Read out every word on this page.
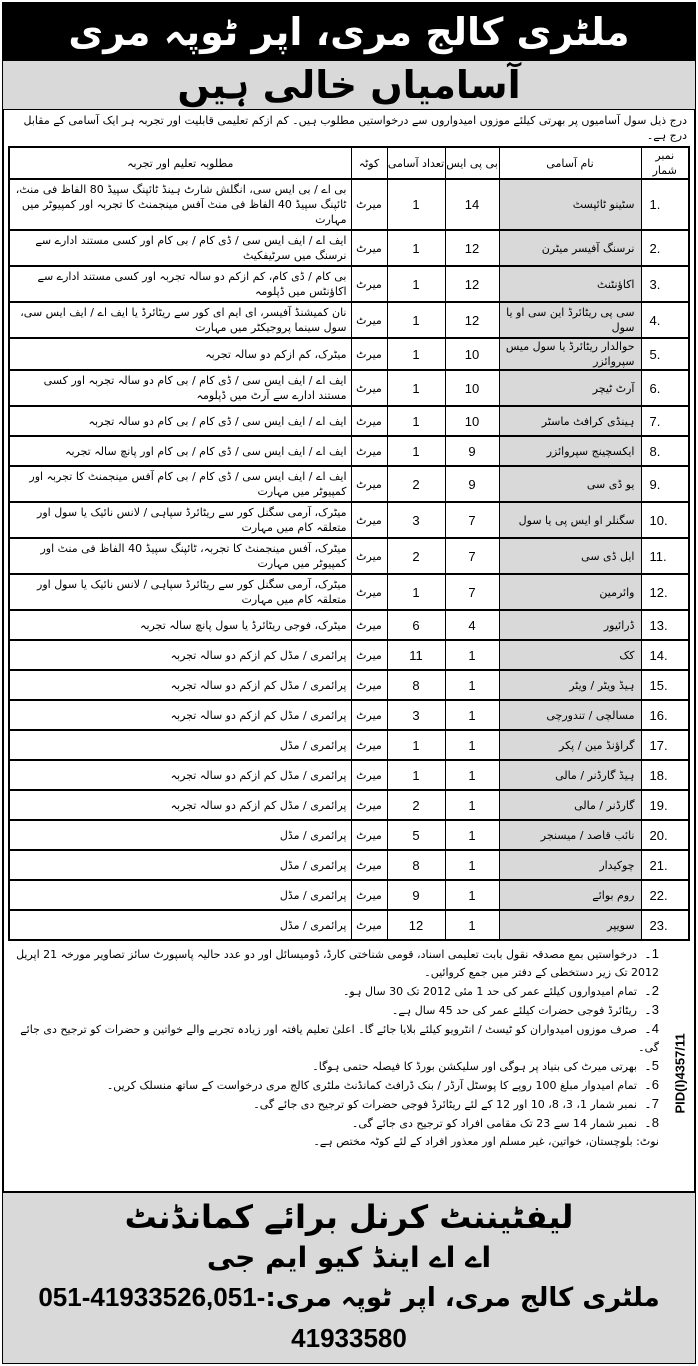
ملٹری کالج مری، اپر ٹوپہ مری
آسامیاں خالی ہیں
درج ذیل سول آسامیوں پر بھرتی کیلئے موزوں امیدواروں سے درخواستیں مطلوب ہیں۔ کم ازکم تعلیمی قابلیت اور تجربہ ہر ایک آسامی کے مقابل درج ہے۔
نمبر شمار	نام آسامی	بی پی ایس	تعداد آسامی	کوٹہ	مطلوبہ تعلیم اور تجربہ
1.	سٹینو ٹائپسٹ	14	1	میرٹ	بی اے / بی ایس سی، انگلش شارٹ ہینڈ ٹائپنگ سپیڈ 80 الفاظ فی منٹ، ٹائپنگ سپیڈ 40 الفاظ فی منٹ آفس مینجمنٹ کا تجربہ اور کمپیوٹر میں مہارت
2.	نرسنگ آفیسر میٹرن	12	1	میرٹ	ایف اے / ایف ایس سی / ڈی کام / بی کام اور کسی مستند ادارے سے نرسنگ میں سرٹیفکیٹ
3.	اکاؤنٹنٹ	12	1	میرٹ	بی کام / ڈی کام، کم ازکم دو سالہ تجربہ اور کسی مستند ادارے سے اکاؤنٹس میں ڈپلومہ
4.	سی پی ریٹائرڈ این سی او یا سول	12	1	میرٹ	نان کمیشنڈ آفیسر، ای ایم ای کور سے ریٹائرڈ یا ایف اے / ایف ایس سی، سول سینما پروجیکٹر میں مہارت
5.	حوالدار ریٹائرڈ یا سول میس سپروائزر	10	1	میرٹ	میٹرک، کم ازکم دو سالہ تجربہ
6.	آرٹ ٹیچر	10	1	میرٹ	ایف اے / ایف ایس سی / ڈی کام / بی کام دو سالہ تجربہ اور کسی مستند ادارے سے آرٹ میں ڈپلومہ
7.	ہینڈی کرافٹ ماسٹر	10	1	میرٹ	ایف اے / ایف ایس سی / ڈی کام / بی کام دو سالہ تجربہ
8.	ایکسچینج سپروائزر	9	1	میرٹ	ایف اے / ایف ایس سی / ڈی کام / بی کام اور پانچ سالہ تجربہ
9.	یو ڈی سی	9	2	میرٹ	ایف اے / ایف ایس سی / ڈی کام / بی کام آفس مینجمنٹ کا تجربہ اور کمپیوٹر میں مہارت
10.	سگنلر او ایس پی یا سول	7	3	میرٹ	میٹرک، آرمی سگنل کور سے ریٹائرڈ سپاہی / لانس نائیک یا سول اور متعلقہ کام میں مہارت
11.	ایل ڈی سی	7	2	میرٹ	میٹرک، آفس مینجمنٹ کا تجربہ، ٹائپنگ سپیڈ 40 الفاظ فی منٹ اور کمپیوٹر میں مہارت
12.	وائرمین	7	1	میرٹ	میٹرک، آرمی سگنل کور سے ریٹائرڈ سپاہی / لانس نائیک یا سول اور متعلقہ کام میں مہارت
13.	ڈرائیور	4	6	میرٹ	میٹرک، فوجی ریٹائرڈ یا سول پانچ سالہ تجربہ
14.	کک	1	11	میرٹ	پرائمری / مڈل کم ازکم دو سالہ تجربہ
15.	ہیڈ ویٹر / ویٹر	1	8	میرٹ	پرائمری / مڈل کم ازکم دو سالہ تجربہ
16.	مسالچی / تندورچی	1	3	میرٹ	پرائمری / مڈل کم ازکم دو سالہ تجربہ
17.	گراؤنڈ مین / پکر	1	1	میرٹ	پرائمری / مڈل
18.	ہیڈ گارڈنر / مالی	1	1	میرٹ	پرائمری / مڈل کم ازکم دو سالہ تجربہ
19.	گارڈنر / مالی	1	2	میرٹ	پرائمری / مڈل کم ازکم دو سالہ تجربہ
20.	نائب قاصد / میسنجر	1	5	میرٹ	پرائمری / مڈل
21.	چوکیدار	1	8	میرٹ	پرائمری / مڈل
22.	روم بوائے	1	9	میرٹ	پرائمری / مڈل
23.	سویپر	1	12	میرٹ	پرائمری / مڈل
1۔درخواستیں بمع مصدقہ نقول بابت تعلیمی اسناد، قومی شناختی کارڈ، ڈومیسائل اور دو عدد حالیہ پاسپورٹ سائز تصاویر مورخہ 21 اپریل 2012 تک زیر دستخطی کے دفتر میں جمع کروائیں۔
2۔تمام امیدواروں کیلئے عمر کی حد 1 مئی 2012 تک 30 سال ہو۔
3۔ریٹائرڈ فوجی حضرات کیلئے عمر کی حد 45 سال ہے۔
4۔صرف موزوں امیدواران کو ٹیسٹ / انٹرویو کیلئے بلایا جائے گا۔ اعلیٰ تعلیم یافتہ اور زیادہ تجربے والے خواتین و حضرات کو ترجیح دی جائے گی۔
5۔بھرتی میرٹ کی بنیاد پر ہوگی اور سلیکشن بورڈ کا فیصلہ حتمی ہوگا۔
6۔تمام امیدوار مبلغ 100 روپے کا پوسٹل آرڈر / بنک ڈرافٹ کمانڈنٹ ملٹری کالج مری درخواست کے ساتھ منسلک کریں۔
7۔نمبر شمار 1، 3، 8، 10 اور 12 کے لئے ریٹائرڈ فوجی حضرات کو ترجیح دی جائے گی۔
8۔نمبر شمار 14 سے 23 تک مقامی افراد کو ترجیح دی جائے گی۔
نوٹ: بلوچستان، خواتین، غیر مسلم اور معذور افراد کے لئے کوٹہ مختص ہے۔
PID(I)4357/11
لیفٹیننٹ کرنل برائے کمانڈنٹ
اے اے اینڈ کیو ایم جی
ملٹری کالج مری، اپر ٹوپہ مری:051-41933526,051-41933580
